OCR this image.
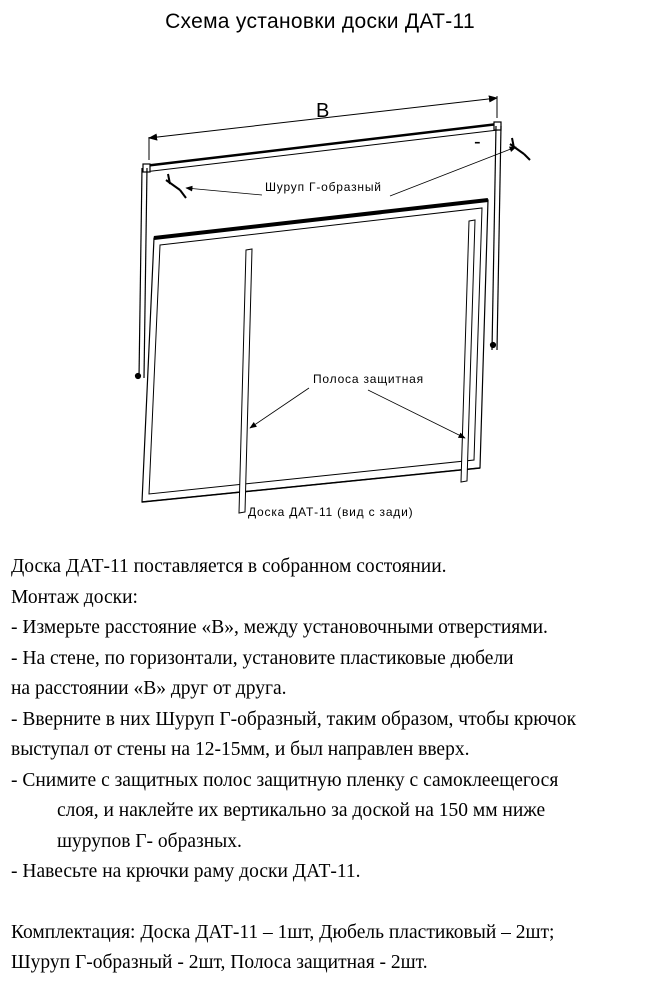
Схема установки доски ДАТ-11
B
-
Шуруп Г-образный
Полоса защитная
Доска ДАТ-11 (вид с зади)
Доска ДАТ-11 поставляется в собранном состоянии.
Монтаж доски:
- Измерьте расстояние «В», между установочными отверстиями.
- На стене, по горизонтали, установите пластиковые дюбели
на расстоянии «В» друг от друга.
- Вверните в них Шуруп Г-образный, таким образом, чтобы крючок
выступал от стены на 12-15мм, и был направлен вверх.
- Снимите с защитных полос защитную пленку с самоклеещегося
слоя, и наклейте их вертикально за доской на 150 мм ниже
шурупов Г- образных.
- Навесьте на крючки раму доски ДАТ-11.
Комплектация: Доска ДАТ-11 – 1шт, Дюбель пластиковый – 2шт;
Шуруп Г-образный - 2шт, Полоса защитная - 2шт.
